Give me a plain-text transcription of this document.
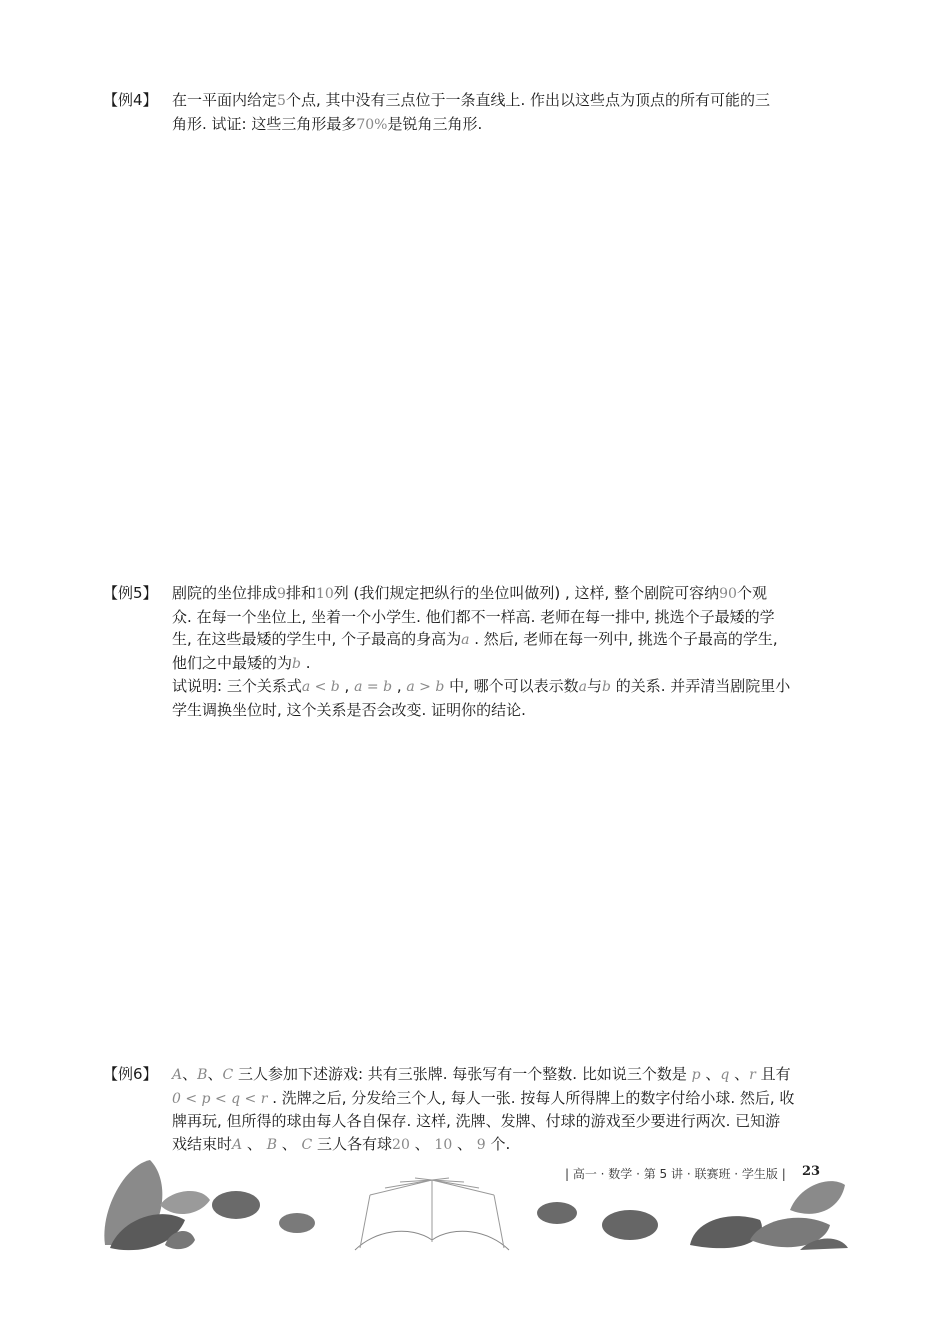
【例4】 在一平面内给定5个点, 其中没有三点位于一条直线上. 作出以这些点为顶点的所有可能的三

角形. 试证: 这些三角形最多70%是锐角三角形.

【例5】 剧院的坐位排成9排和10列 (我们规定把纵行的坐位叫做列) , 这样, 整个剧院可容纳90个观

众. 在每一个坐位上, 坐着一个小学生. 他们都不一样高. 老师在每一排中, 挑选个子最矮的学

生, 在这些最矮的学生中, 个子最高的身高为a . 然后, 老师在每一列中, 挑选个子最高的学生,

他们之中最矮的为b .

试说明: 三个关系式a < b , a = b , a > b 中, 哪个可以表示数a与b 的关系. 并弄清当剧院里小

学生调换坐位时, 这个关系是否会改变. 证明你的结论.

【例6】 A、B、C 三人参加下述游戏: 共有三张牌. 每张写有一个整数. 比如说三个数是 p 、q 、r 且有

0 < p < q < r . 洗牌之后, 分发给三个人, 每人一张. 按每人所得牌上的数字付给小球. 然后, 收

牌再玩, 但所得的球由每人各自保存. 这样, 洗牌、发牌、付球的游戏至少要进行两次. 已知游

戏结束时A 、 B 、 C 三人各有球20 、 10 、 9 个.

| 高一 · 数学 · 第 5 讲 · 联赛班 · 学生版 | 23
